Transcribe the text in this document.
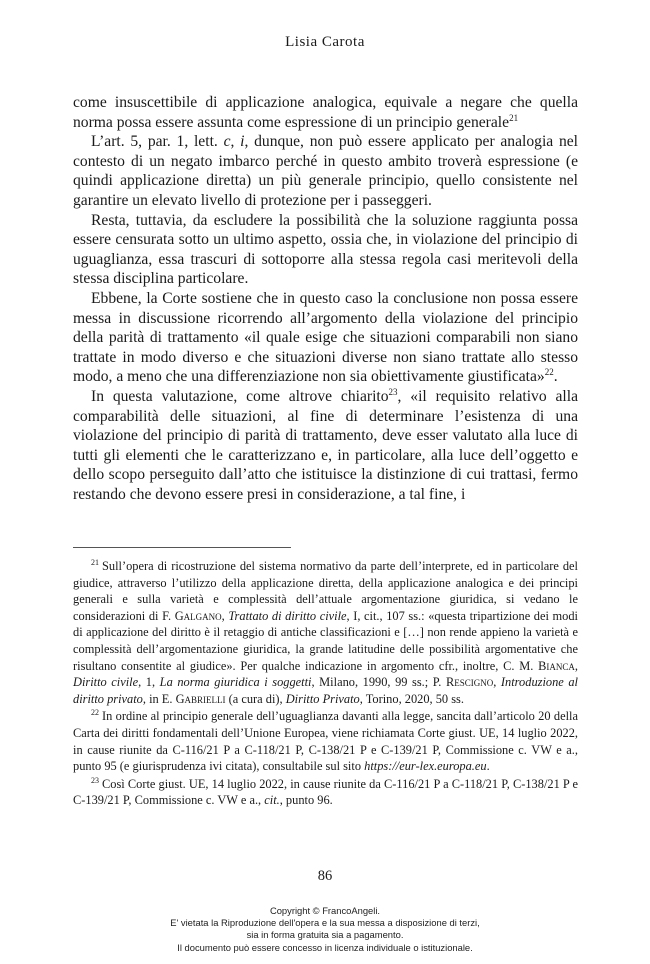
Lisia Carota

come insuscettibile di applicazione analogica, equivale a negare che quella norma possa essere assunta come espressione di un principio generale$^{21}$

L’art. 5, par. 1, lett. c, i, dunque, non può essere applicato per analogia nel contesto di un negato imbarco perché in questo ambito troverà espressione (e quindi applicazione diretta) un più generale principio, quello consistente nel garantire un elevato livello di protezione per i passeggeri.

Resta, tuttavia, da escludere la possibilità che la soluzione raggiunta possa essere censurata sotto un ultimo aspetto, ossia che, in violazione del principio di uguaglianza, essa trascuri di sottoporre alla stessa regola casi meritevoli della stessa disciplina particolare.

Ebbene, la Corte sostiene che in questo caso la conclusione non possa essere messa in discussione ricorrendo all’argomento della violazione del principio della parità di trattamento «il quale esige che situazioni comparabili non siano trattate in modo diverso e che situazioni diverse non siano trattate allo stesso modo, a meno che una differenziazione non sia obiettivamente giustificata»$^{22}$.

In questa valutazione, come altrove chiarito$^{23}$, «il requisito relativo alla comparabilità delle situazioni, al fine di determinare l’esistenza di una violazione del principio di parità di trattamento, deve esser valutato alla luce di tutti gli elementi che le caratterizzano e, in particolare, alla luce dell’oggetto e dello scopo perseguito dall’atto che istituisce la distinzione di cui trattasi, fermo restando che devono essere presi in considerazione, a tal fine, i

$^{21}$ Sull’opera di ricostruzione del sistema normativo da parte dell’interprete, ed in particolare del giudice, attraverso l’utilizzo della applicazione diretta, della applicazione analogica e dei principi generali e sulla varietà e complessità dell’attuale argomentazione giuridica, si vedano le considerazioni di F. Galgano, Trattato di diritto civile, I, cit., 107 ss.: «questa tripartizione dei modi di applicazione del diritto è il retaggio di antiche classificazioni e […] non rende appieno la varietà e complessità dell’argomentazione giuridica, la grande latitudine delle possibilità argomentative che risultano consentite al giudice». Per qualche indicazione in argomento cfr., inoltre, C. M. Bianca, Diritto civile, 1, La norma giuridica i soggetti, Milano, 1990, 99 ss.; P. Rescigno, Introduzione al diritto privato, in E. Gabrielli (a cura di), Diritto Privato, Torino, 2020, 50 ss.

$^{22}$ In ordine al principio generale dell’uguaglianza davanti alla legge, sancita dall’articolo 20 della Carta dei diritti fondamentali dell’Unione Europea, viene richiamata Corte giust. UE, 14 luglio 2022, in cause riunite da C-116/21 P a C-118/21 P, C-138/21 P e C-139/21 P, Commissione c. VW e a., punto 95 (e giurisprudenza ivi citata), consultabile sul sito https://eur-lex.europa.eu.

$^{23}$ Così Corte giust. UE, 14 luglio 2022, in cause riunite da C-116/21 P a C-118/21 P, C-138/21 P e C-139/21 P, Commissione c. VW e a., cit., punto 96.

86
Copyright © FrancoAngeli.
E' vietata la Riproduzione dell'opera e la sua messa a disposizione di terzi,
sia in forma gratuita sia a pagamento.
Il documento può essere concesso in licenza individuale o istituzionale.
